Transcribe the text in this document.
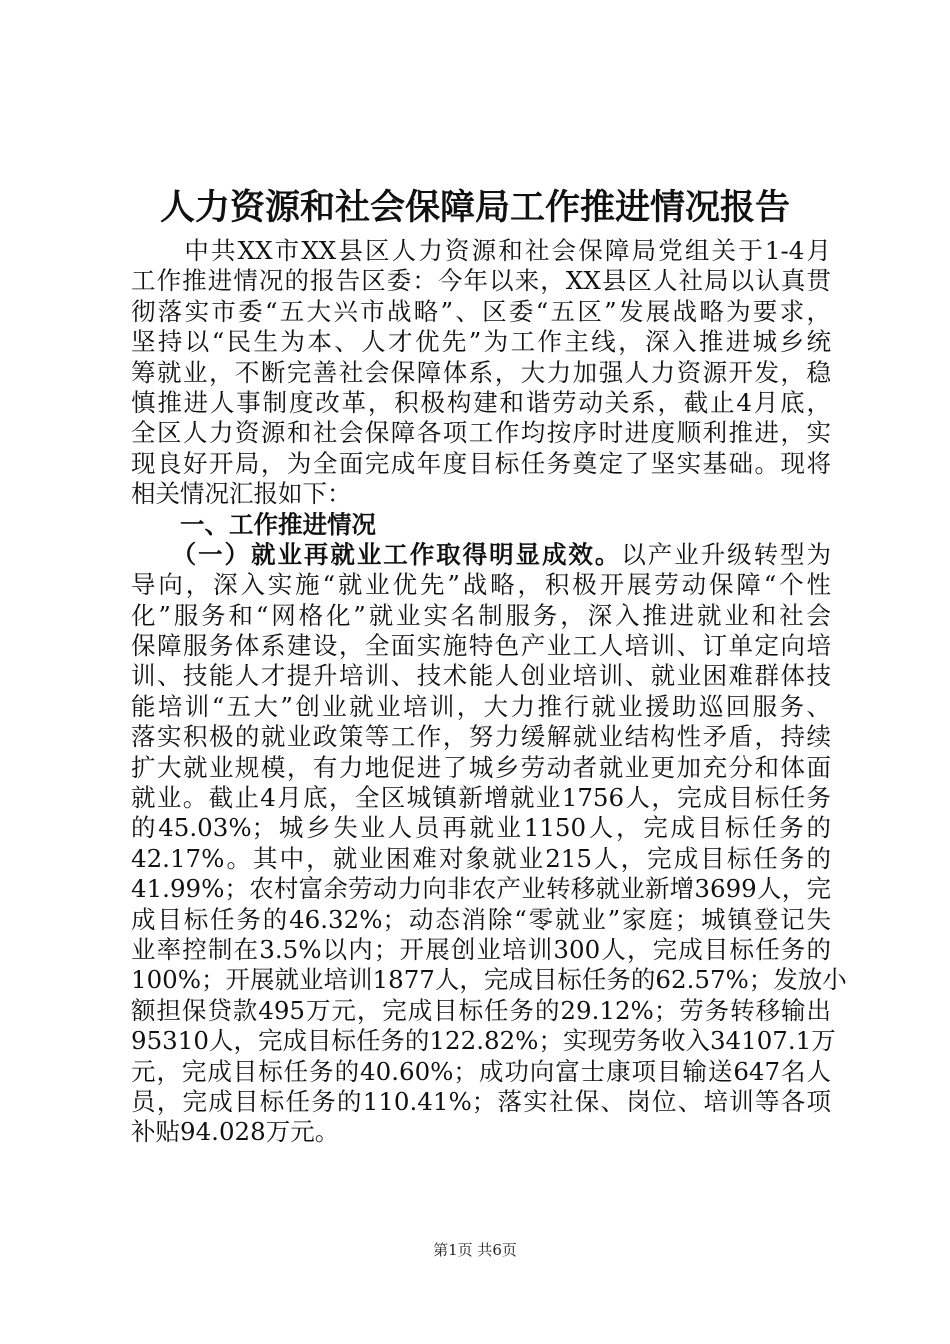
人力资源和社会保障局工作推进情况报告
　　中共XX市XX县区人力资源和社会保障局党组关于1-4月
工作推进情况的报告区委：今年以来，XX县区人社局以认真贯
彻落实市委“五大兴市战略”、区委“五区”发展战略为要求，
坚持以“民生为本、人才优先”为工作主线，深入推进城乡统
筹就业，不断完善社会保障体系，大力加强人力资源开发，稳
慎推进人事制度改革，积极构建和谐劳动关系，截止4月底，
全区人力资源和社会保障各项工作均按序时进度顺利推进，实
现良好开局，为全面完成年度目标任务奠定了坚实基础。现将
相关情况汇报如下：
　　一、工作推进情况
　　（一）就业再就业工作取得明显成效。以产业升级转型为
导向，深入实施“就业优先”战略，积极开展劳动保障“个性
化”服务和“网格化”就业实名制服务，深入推进就业和社会
保障服务体系建设，全面实施特色产业工人培训、订单定向培
训、技能人才提升培训、技术能人创业培训、就业困难群体技
能培训“五大”创业就业培训，大力推行就业援助巡回服务、
落实积极的就业政策等工作，努力缓解就业结构性矛盾，持续
扩大就业规模，有力地促进了城乡劳动者就业更加充分和体面
就业。截止4月底，全区城镇新增就业1756人，完成目标任务
的45.03%；城乡失业人员再就业1150人，完成目标任务的
42.17%。其中，就业困难对象就业215人，完成目标任务的
41.99%；农村富余劳动力向非农产业转移就业新增3699人，完
成目标任务的46.32%；动态消除“零就业”家庭；城镇登记失
业率控制在3.5%以内；开展创业培训300人，完成目标任务的
100%；开展就业培训1877人，完成目标任务的62.57%；发放小
额担保贷款495万元，完成目标任务的29.12%；劳务转移输出
95310人，完成目标任务的122.82%；实现劳务收入34107.1万
元，完成目标任务的40.60%；成功向富士康项目输送647名人
员，完成目标任务的110.41%；落实社保、岗位、培训等各项
补贴94.028万元。
第1页 共6页
